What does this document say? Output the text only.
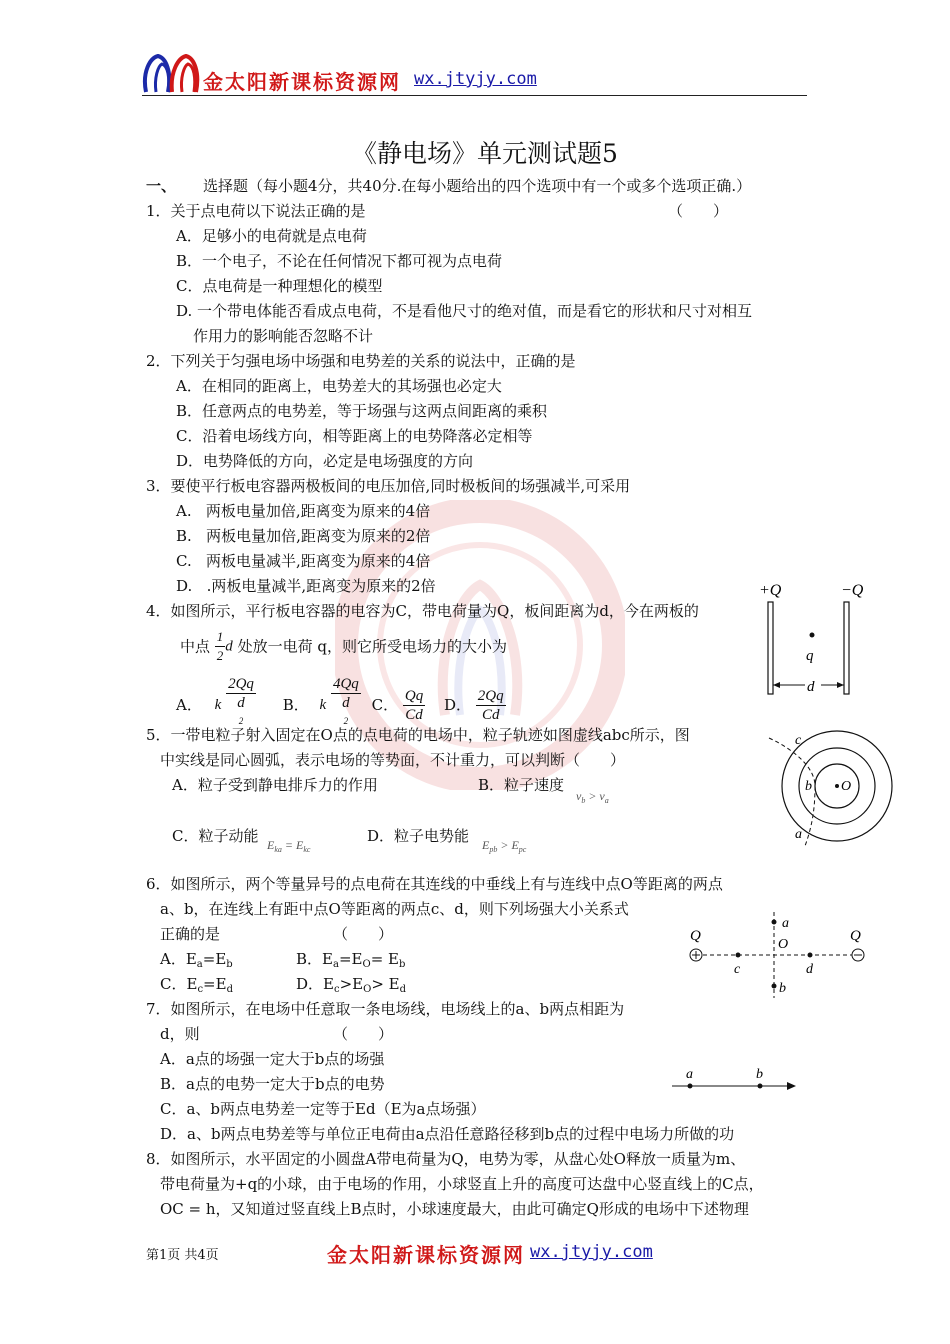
金太阳新课标资源网 wx.jtyjy.com
《静电场》单元测试题5
一、 选择题（每小题4分，共40分.在每小题给出的四个选项中有一个或多个选项正确.）
1．关于点电荷以下说法正确的是	（　　）
A．足够小的电荷就是点电荷
B．一个电子，不论在任何情况下都可视为点电荷
C．点电荷是一种理想化的模型
D. 一个带电体能否看成点电荷，不是看他尺寸的绝对值，而是看它的形状和尺寸对相互
作用力的影响能否忽略不计
2．下列关于匀强电场中场强和电势差的关系的说法中，正确的是
A．在相同的距离上，电势差大的其场强也必定大
B．任意两点的电势差，等于场强与这两点间距离的乘积
C．沿着电场线方向，相等距离上的电势降落必定相等
D．电势降低的方向，必定是电场强度的方向
3．要使平行板电容器两极板间的电压加倍,同时极板间的场强减半,可采用
A.   两板电量加倍,距离变为原来的4倍
B.   两板电量加倍,距离变为原来的2倍
C.   两板电量减半,距离变为原来的4倍
D.   .两板电量减半,距离变为原来的2倍
4．如图所示，平行板电容器的电容为C，带电荷量为Q，板间距离为d，今在两板的
中点 $\frac{1}{2}$ d 处放一电荷 q，则它所受电场力的大小为
A． k 2Qq
d
$^2$ B． k 4Qq
d
$^2$ C． $\frac{Qq}{Cd}$ D． $\frac{2Qq}{Cd}$
+Q	−Q
q
d
5．一带电粒子射入固定在O点的点电荷的电场中，粒子轨迹如图虚线abc所示，图
中实线是同心圆弧，表示电场的等势面，不计重力，可以判断（　　）
A．粒子受到静电排斥力的作用	B．粒子速度
$v_b > v_a$
C．粒子动能 $E_{ka} = E_{kc}$
D．粒子电势能 $E_{pb} > E_{pc}$
c
b O
a
6．如图所示，两个等量异号的点电荷在其连线的中垂线上有与连线中点O等距离的两点
a、b，在连线上有距中点O等距离的两点c、d，则下列场强大小关系式
正确的是	（　　）
A．$E_a=E_b$	B．$E_a=E_O= E_b$
C．$E_c=E_d$	D．$E_c>E_O> E_d$
Q	Q
a
O
c	d
b
7．如图所示，在电场中任意取一条电场线，电场线上的a、b两点相距为
d，则	（　　）
A．a点的场强一定大于b点的场强
B．a点的电势一定大于b点的电势
C．a、b两点电势差一定等于Ed（E为a点场强）
D．a、b两点电势差等与单位正电荷由a点沿任意路径移到b点的过程中电场力所做的功
a	b
8．如图所示，水平固定的小圆盘A带电荷量为Q，电势为零，从盘心处O释放一质量为m、
带电荷量为+q的小球，由于电场的作用，小球竖直上升的高度可达盘中心竖直线上的C点，
OC = h，又知道过竖直线上B点时，小球速度最大，由此可确定Q形成的电场中下述物理
第1页 共4页	金太阳新课标资源网 wx.jtyjy.com
